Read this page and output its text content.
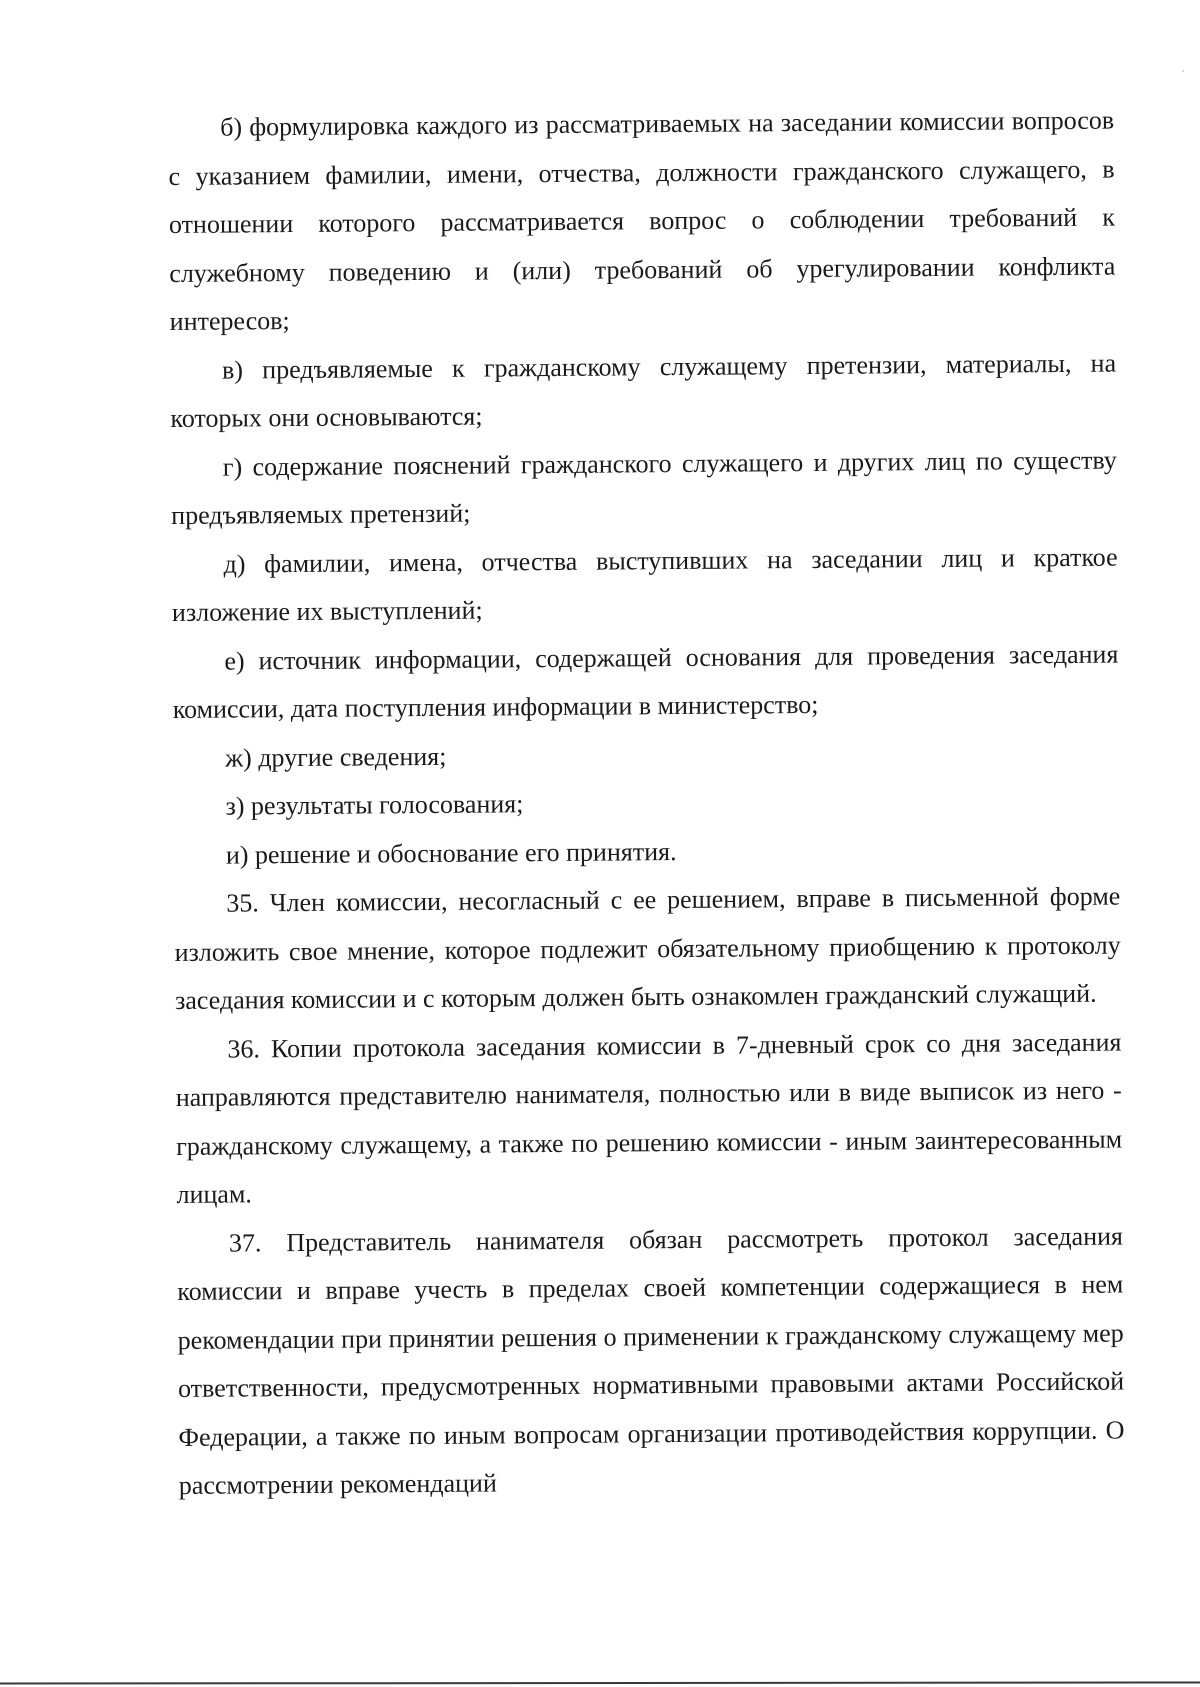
б) формулировка каждого из рассматриваемых на заседании комиссии вопросов с указанием фамилии, имени, отчества, должности гражданского служащего, в отношении которого рассматривается вопрос о соблюдении требований к служебному поведению и (или) требований об урегулировании конфликта интересов;

в) предъявляемые к гражданскому служащему претензии, материалы, на которых они основываются;

г) содержание пояснений гражданского служащего и других лиц по существу предъявляемых претензий;

д) фамилии, имена, отчества выступивших на заседании лиц и краткое изложение их выступлений;

е) источник информации, содержащей основания для проведения заседания комиссии, дата поступления информации в министерство;

ж) другие сведения;

з) результаты голосования;

и) решение и обоснование его принятия.

35. Член комиссии, несогласный с ее решением, вправе в письменной форме изложить свое мнение, которое подлежит обязательному приобщению к протоколу заседания комиссии и с которым должен быть ознакомлен гражданский служащий.

36. Копии протокола заседания комиссии в 7-дневный срок со дня заседания направляются представителю нанимателя, полностью или в виде выписок из него - гражданскому служащему, а также по решению комиссии - иным заинтересованным лицам.

37. Представитель нанимателя обязан рассмотреть протокол заседания комиссии и вправе учесть в пределах своей компетенции содержащиеся в нем рекомендации при принятии решения о применении к гражданскому служащему мер ответственности, предусмотренных нормативными правовыми актами Российской Федерации, а также по иным вопросам организации противодействия коррупции. О рассмотрении рекомендаций
